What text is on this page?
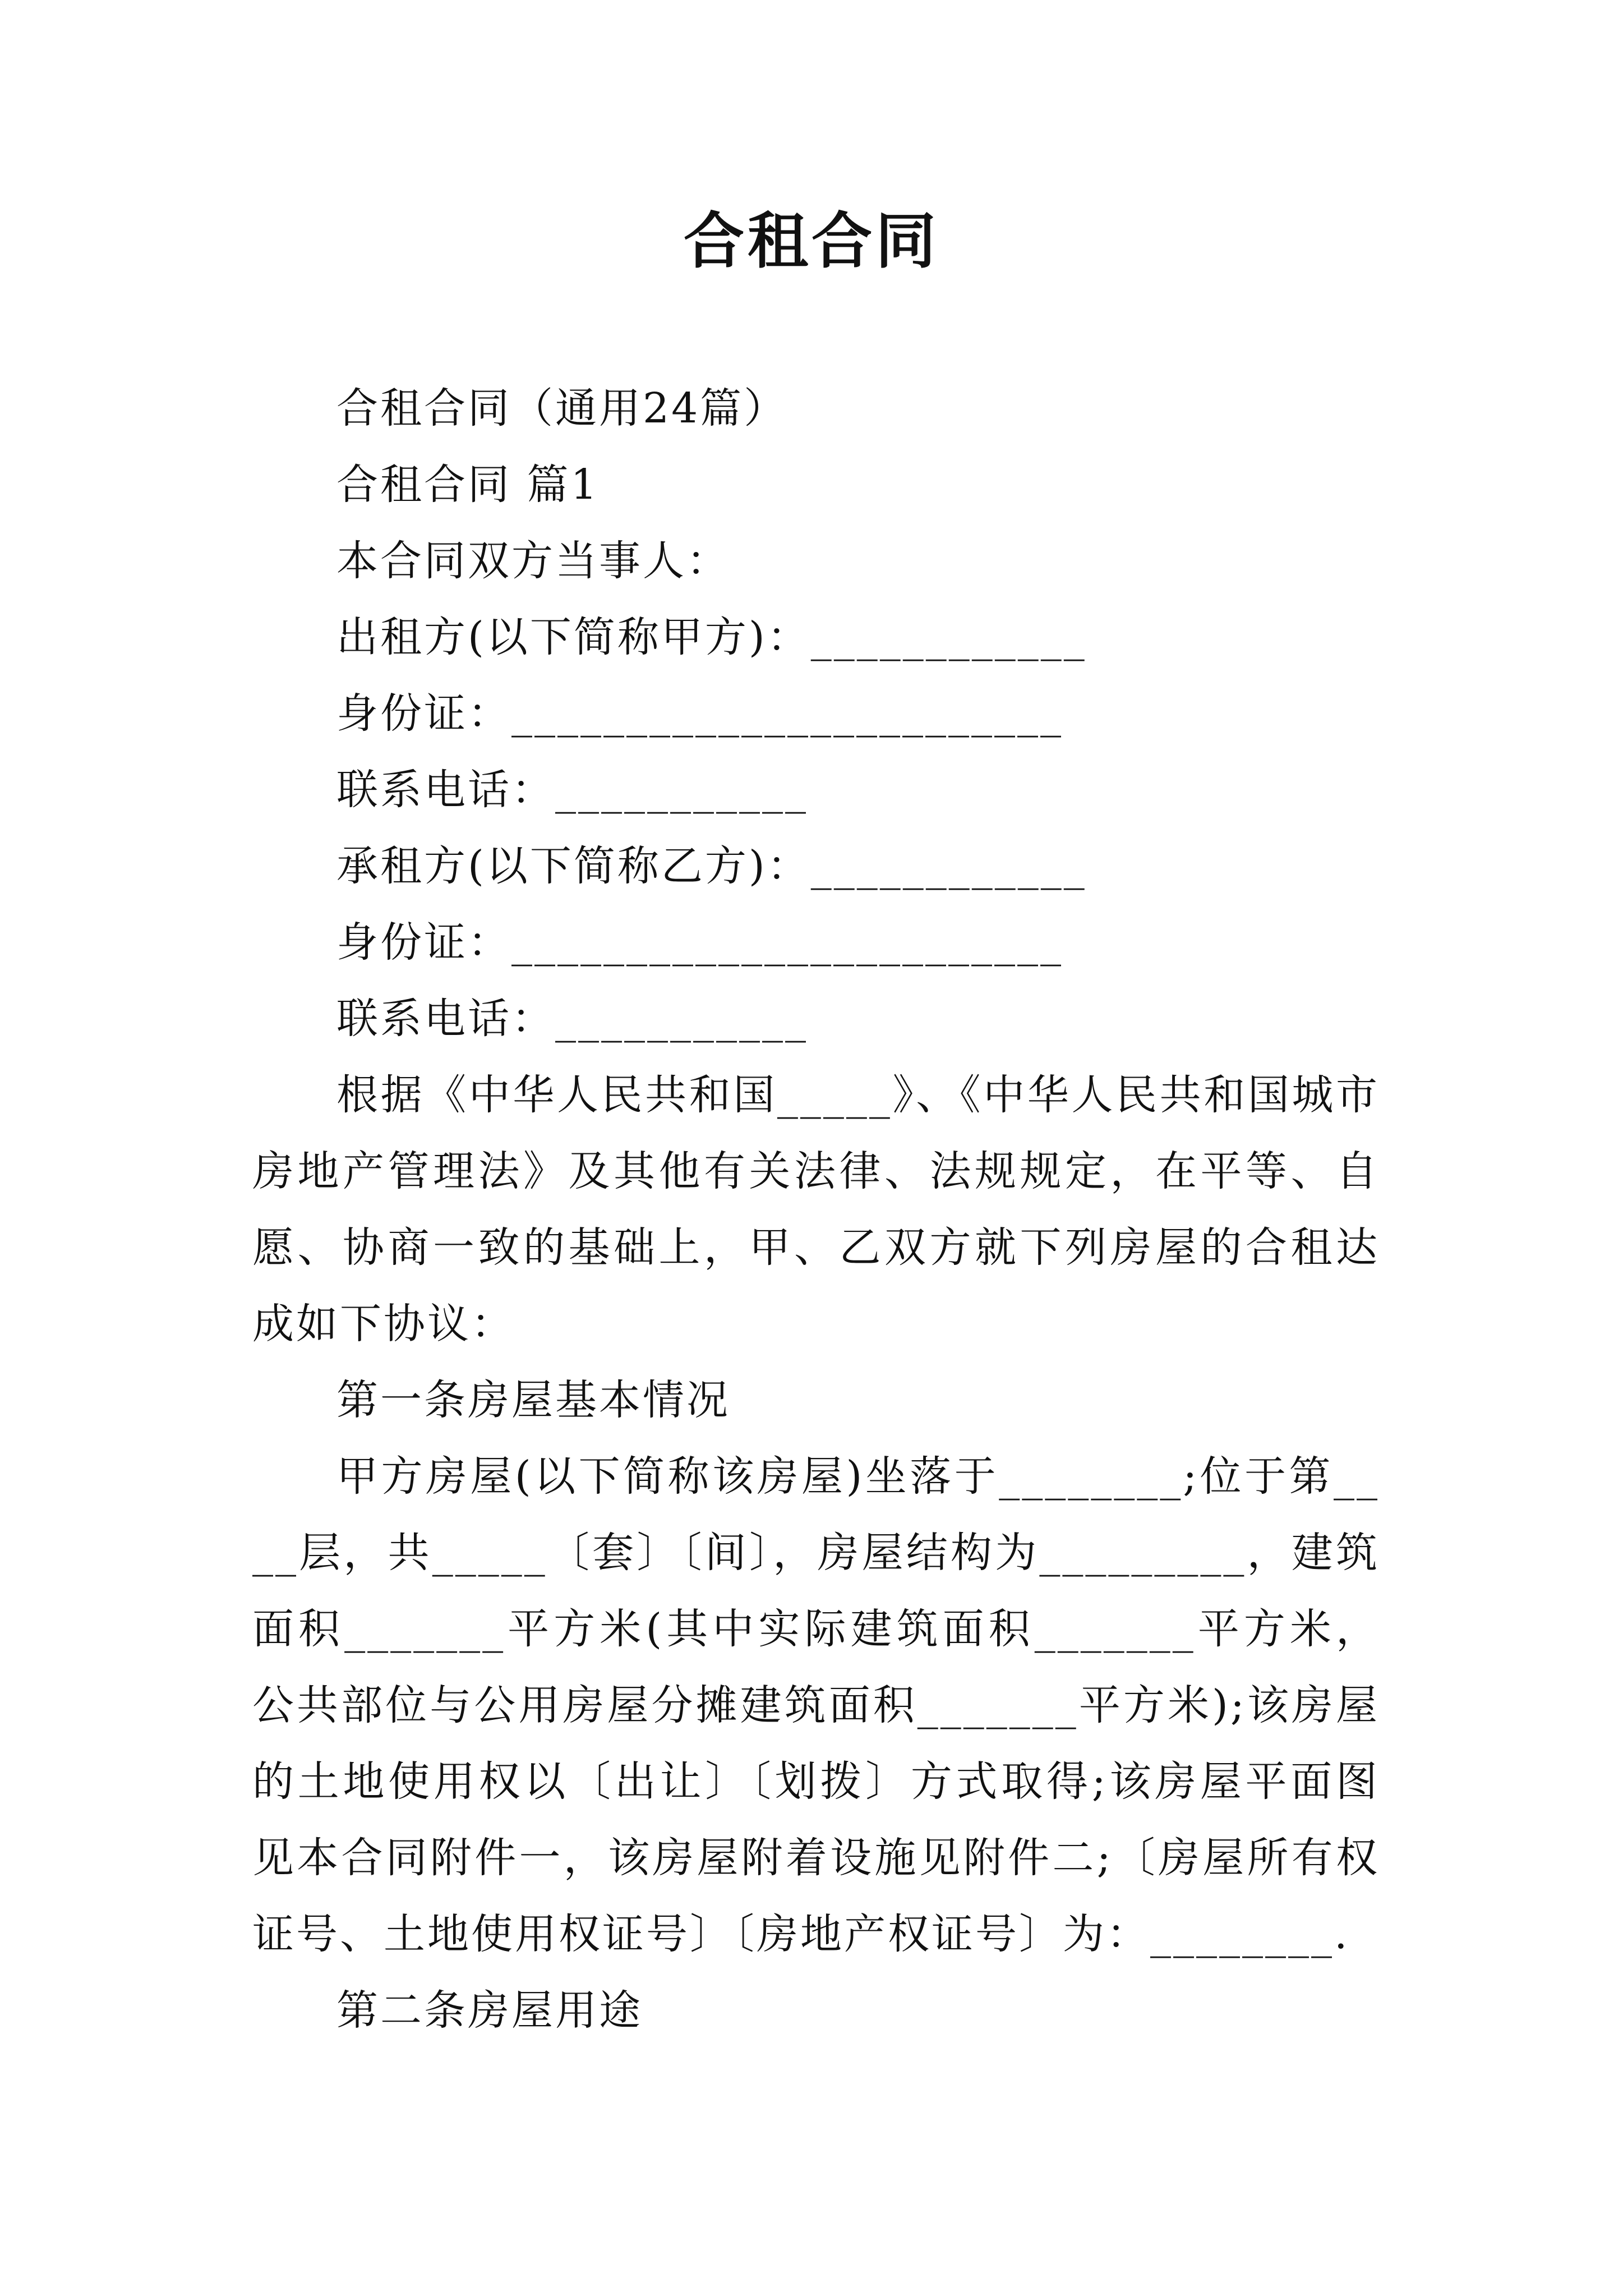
合租合同

合租合同（通用24篇）

合租合同 篇1

本合同双方当事人：

出租方(以下简称甲方)：____________

身份证：________________________

联系电话：___________

承租方(以下简称乙方)：____________

身份证：________________________

联系电话：___________

根据《中华人民共和国_____》、《中华人民共和国城市房地产管理法》及其他有关法律、法规规定，在平等、自愿、协商一致的基础上，甲、乙双方就下列房屋的合租达成如下协议：

第一条房屋基本情况

甲方房屋(以下简称该房屋)坐落于________;位于第____层，共_____〔套〕〔间〕，房屋结构为_________，建筑面积_______平方米(其中实际建筑面积_______平方米，公共部位与公用房屋分摊建筑面积_______平方米);该房屋的土地使用权以〔出让〕〔划拨〕方式取得;该房屋平面图见本合同附件一，该房屋附着设施见附件二;〔房屋所有权证号、土地使用权证号〕〔房地产权证号〕为：________.

第二条房屋用途
